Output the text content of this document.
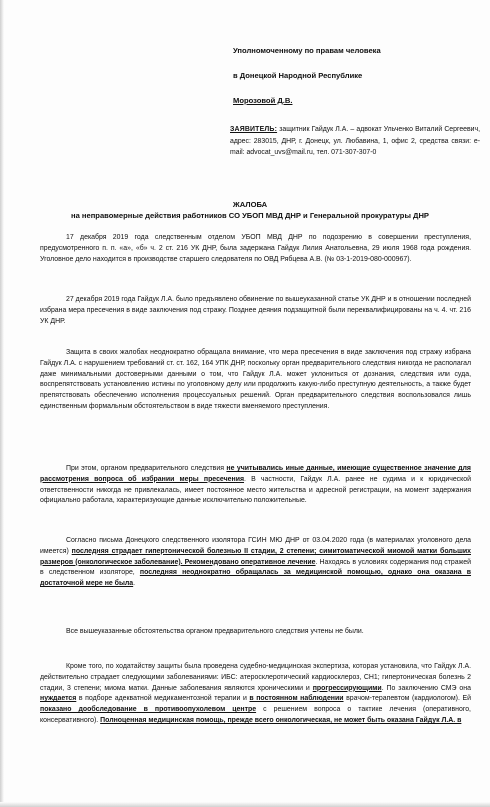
Уполномоченному по правам человека
в Донецкой Народной Республике
Морозовой Д.В.
ЗАЯВИТЕЛЬ: защитник Гайдук Л.А. – адвокат Ульченко Виталий Сергеевич, адрес: 283015, ДНР, г. Донецк, ул. Любавина, 1, офис 2, средства связи: e-mail: advocat_uvs@mail.ru, тел. 071-307-307-0
ЖАЛОБА
на неправомерные действия работников СО УБОП МВД ДНР и Генеральной прокуратуры ДНР
17 декабря 2019 года следственным отделом УБОП МВД ДНР по подозрению в совершении преступления, предусмотренного п. п. «а», «б» ч. 2 ст. 216 УК ДНР, была задержана Гайдук Лилия Анатольевна, 29 июля 1968 года рождения. Уголовное дело находится в производстве старшего следователя по ОВД Рябцева А.В. (№ 03-1-2019-080-000967).
27 декабря 2019 года Гайдук Л.А. было предъявлено обвинение по вышеуказанной статье УК ДНР и в отношении последней избрана мера пресечения в виде заключения под стражу. Позднее деяния подзащитной были переквалифицированы на ч. 4. чт. 216 УК ДНР.
Защита в своих жалобах неоднократно обращала внимание, что мера пресечения в виде заключения под стражу избрана Гайдук Л.А. с нарушением требований ст. ст. 162, 164 УПК ДНР, поскольку орган предварительного следствия никогда не располагал даже минимальными достоверными данными о том, что Гайдук Л.А. может уклониться от дознания, следствия или суда, воспрепятствовать установлению истины по уголовному делу или продолжить какую-либо преступную деятельность, а также будет препятствовать обеспечению исполнения процессуальных решений. Орган предварительного следствия воспользовался лишь единственным формальным обстоятельством в виде тяжести вменяемого преступления.
При этом, органом предварительного следствия не учитывались иные данные, имеющие существенное значение для рассмотрения вопроса об избрании меры пресечения. В частности, Гайдук Л.А. ранее не судима и к юридической ответственности никогда не привлекалась, имеет постоянное место жительства и адресной регистрации, на момент задержания официально работала, характеризующие данные исключительно положительные.
Согласно письма Донецкого следственного изолятора ГСИН МЮ ДНР от 03.04.2020 года (в материалах уголовного дела имеется) последняя страдает гипертонической болезнью II стадии, 2 степени; симитоматической миомой матки больших размеров (онкологическое заболевание). Рекомендовано оперативное лечение. Находясь в условиях содержания под стражей в следственном изоляторе, последняя неоднократно обращалась за медицинской помощью, однако она оказана в достаточной мере не была.
Все вышеуказанные обстоятельства органом предварительного следствия учтены не были.
Кроме того, по ходатайству защиты была проведена судебно-медицинская экспертиза, которая установила, что Гайдук Л.А. действительно страдает следующими заболеваниями: ИБС: атеросклеротический кардиосклероз, СН1; гипертоническая болезнь 2 стадии, 3 степени; миома матки. Данные заболевания являются хроническими и прогрессирующими. По заключению СМЭ она нуждается в подборе адекватной медикаментозной терапии и в постоянном наблюдении врачом-терапевтом (кардиологом). Ей показано дообследование в противоопухолевом центре с решением вопроса о тактике лечения (оперативного, консервативного). Полноценная медицинская помощь, прежде всего онкологическая, не может быть оказана Гайдук Л.А. в
